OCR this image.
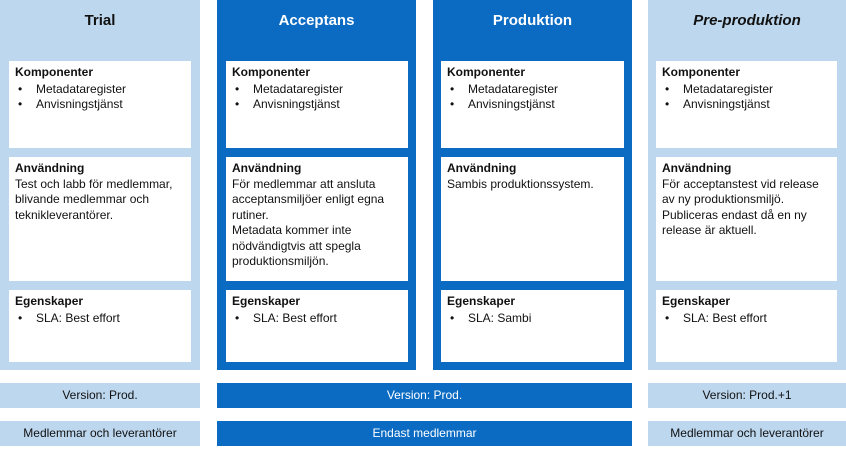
Trial
Komponenter
• Metadataregister
• Anvisningstjänst
Användning
Test och labb för medlemmar, blivande medlemmar och teknikleverantörer.
Egenskaper
• SLA: Best effort
Acceptans
Komponenter
• Metadataregister
• Anvisningstjänst
Användning
För medlemmar att ansluta acceptansmiljöer enligt egna rutiner.
Metadata kommer inte nödvändigtvis att spegla produktionsmiljön.
Egenskaper
• SLA: Best effort
Produktion
Komponenter
• Metadataregister
• Anvisningstjänst
Användning
Sambis produktionssystem.
Egenskaper
• SLA: Sambi
Pre-produktion
Komponenter
• Metadataregister
• Anvisningstjänst
Användning
För acceptanstest vid release av ny produktionsmiljö. Publiceras endast då en ny release är aktuell.
Egenskaper
• SLA: Best effort
Version: Prod.	Version: Prod.	Version: Prod.+1
Medlemmar och leverantörer	Endast medlemmar	Medlemmar och leverantörer
